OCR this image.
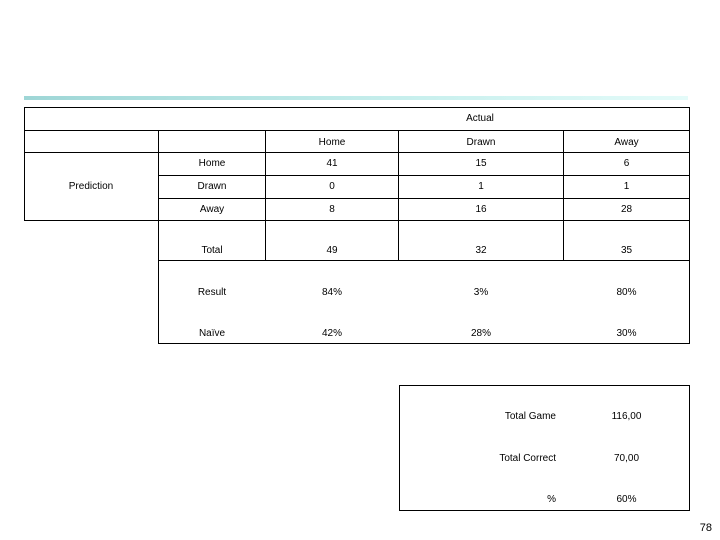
Actual
Prediction
Home	Drawn	Away
Home	41	15	6
Drawn	0	1	1
Away	8	16	28
Total	49	32	35
Result	84%	3%	80%
Naïve	42%	28%	30%
Total Game	116,00
Total Correct	70,00
%	60%
78
